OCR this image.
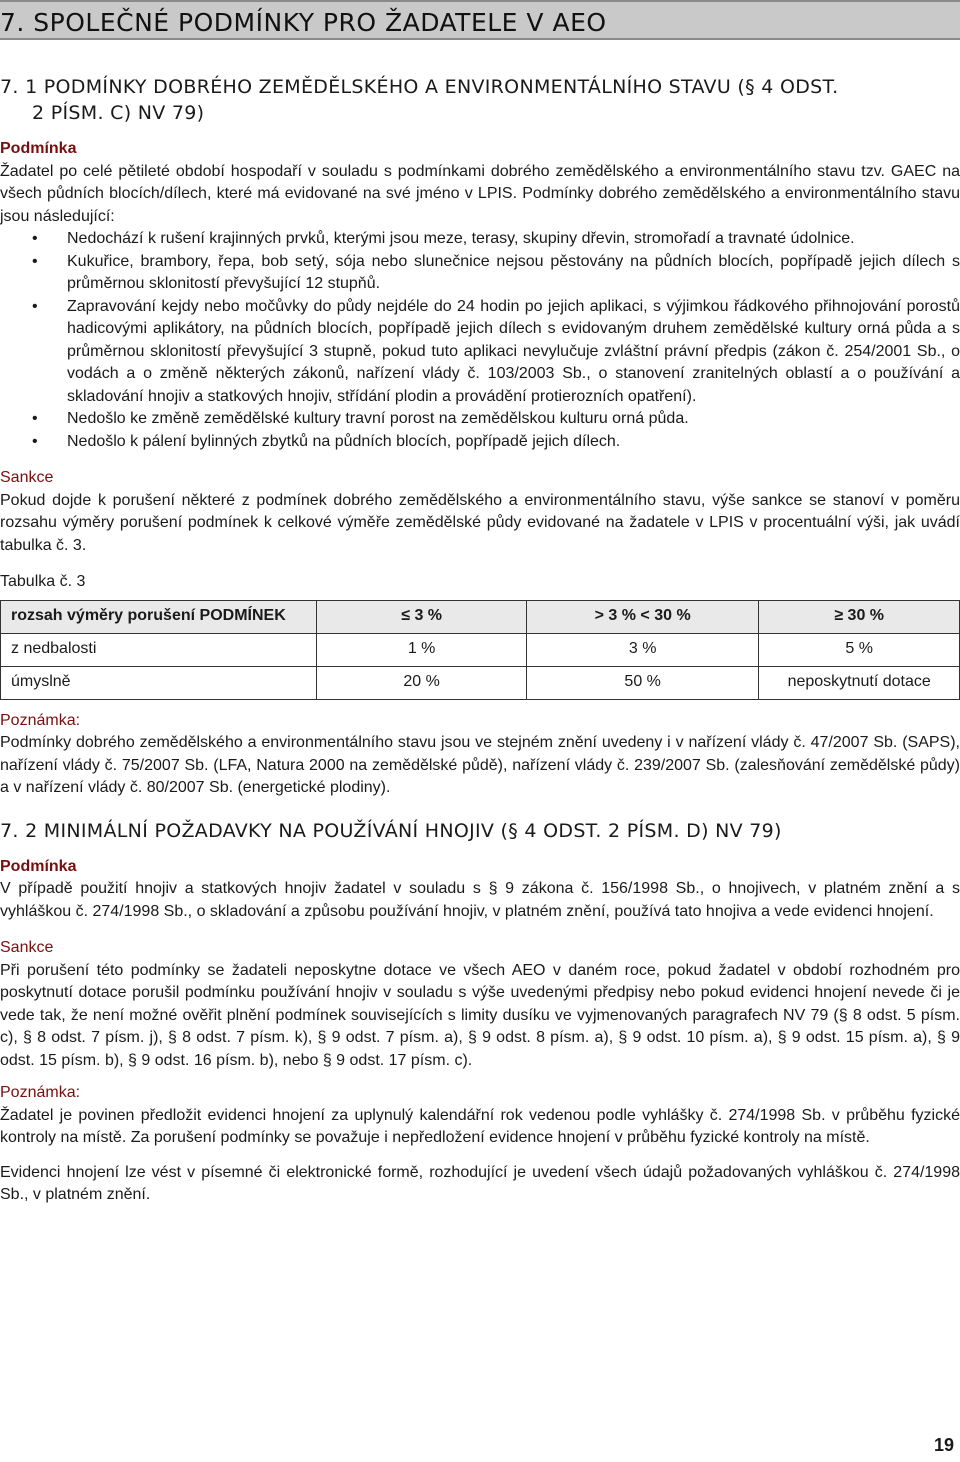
7. SPOLEČNÉ PODMÍNKY PRO ŽADATELE V AEO
7. 1 PODMÍNKY DOBRÉHO ZEMĚDĚLSKÉHO A ENVIRONMENTÁLNÍHO STAVU (§ 4 ODST.
2 PÍSM. C) NV 79)
Podmínka

Žadatel po celé pětileté období hospodaří v souladu s podmínkami dobrého zemědělského a environmentálního stavu tzv. GAEC na všech půdních blocích/dílech, které má evidované na své jméno v LPIS. Podmínky dobrého zemědělského a environmentálního stavu jsou následující:

• Nedochází k rušení krajinných prvků, kterými jsou meze, terasy, skupiny dřevin, stromořadí a travnaté údolnice.
• Kukuřice, brambory, řepa, bob setý, sója nebo slunečnice nejsou pěstovány na půdních blocích, popřípadě jejich dílech s průměrnou sklonitostí převyšující 12 stupňů.
• Zapravování kejdy nebo močůvky do půdy nejdéle do 24 hodin po jejich aplikaci, s výjimkou řádkového přihnojování porostů hadicovými aplikátory, na půdních blocích, popřípadě jejich dílech s evidovaným druhem zemědělské kultury orná půda a s průměrnou sklonitostí převyšující 3 stupně, pokud tuto aplikaci nevylučuje zvláštní právní předpis (zákon č. 254/2001 Sb., o vodách a o změně některých zákonů, nařízení vlády č. 103/2003 Sb., o stanovení zranitelných oblastí a o používání a skladování hnojiv a statkových hnojiv, střídání plodin a provádění protierozních opatření).
• Nedošlo ke změně zemědělské kultury travní porost na zemědělskou kulturu orná půda.
• Nedošlo k pálení bylinných zbytků na půdních blocích, popřípadě jejich dílech.
Sankce

Pokud dojde k porušení některé z podmínek dobrého zemědělského a environmentálního stavu, výše sankce se stanoví v poměru rozsahu výměry porušení podmínek k celkové výměře zemědělské půdy evidované na žadatele v LPIS v procentuální výši, jak uvádí tabulka č. 3.

Tabulka č. 3
rozsah výměry porušení PODMÍNEK	≤ 3 %	> 3 % < 30 %	≥ 30 %
z nedbalosti	1 %	3 %	5 %
úmyslně	20 %	50 %	neposkytnutí dotace
Poznámka:

Podmínky dobrého zemědělského a environmentálního stavu jsou ve stejném znění uvedeny i v nařízení vlády č. 47/2007 Sb. (SAPS), nařízení vlády č. 75/2007 Sb. (LFA, Natura 2000 na zemědělské půdě), nařízení vlády č. 239/2007 Sb. (zalesňování zemědělské půdy) a v nařízení vlády č. 80/2007 Sb. (energetické plodiny).

7. 2 MINIMÁLNÍ POŽADAVKY NA POUŽÍVÁNÍ HNOJIV (§ 4 ODST. 2 PÍSM. D) NV 79)
Podmínka

V případě použití hnojiv a statkových hnojiv žadatel v souladu s § 9 zákona č. 156/1998 Sb., o hnojivech, v platném znění a s vyhláškou č. 274/1998 Sb., o skladování a způsobu používání hnojiv, v platném znění, používá tato hnojiva a vede evidenci hnojení.

Sankce

Při porušení této podmínky se žadateli neposkytne dotace ve všech AEO v daném roce, pokud žadatel v období rozhodném pro poskytnutí dotace porušil podmínku používání hnojiv v souladu s výše uvedenými předpisy nebo pokud evidenci hnojení nevede či je vede tak, že není možné ověřit plnění podmínek souvisejících s limity dusíku ve vyjmenovaných paragrafech NV 79 (§ 8 odst. 5 písm. c), § 8 odst. 7 písm. j), § 8 odst. 7 písm. k), § 9 odst. 7 písm. a), § 9 odst. 8 písm. a), § 9 odst. 10 písm. a), § 9 odst. 15 písm. a), § 9 odst. 15 písm. b), § 9 odst. 16 písm. b), nebo § 9 odst. 17 písm. c).

Poznámka:

Žadatel je povinen předložit evidenci hnojení za uplynulý kalendářní rok vedenou podle vyhlášky č. 274/1998 Sb. v průběhu fyzické kontroly na místě. Za porušení podmínky se považuje i nepředložení evidence hnojení v průběhu fyzické kontroly na místě.

Evidenci hnojení lze vést v písemné či elektronické formě, rozhodující je uvedení všech údajů požadovaných vyhláškou č. 274/1998 Sb., v platném znění.

19
